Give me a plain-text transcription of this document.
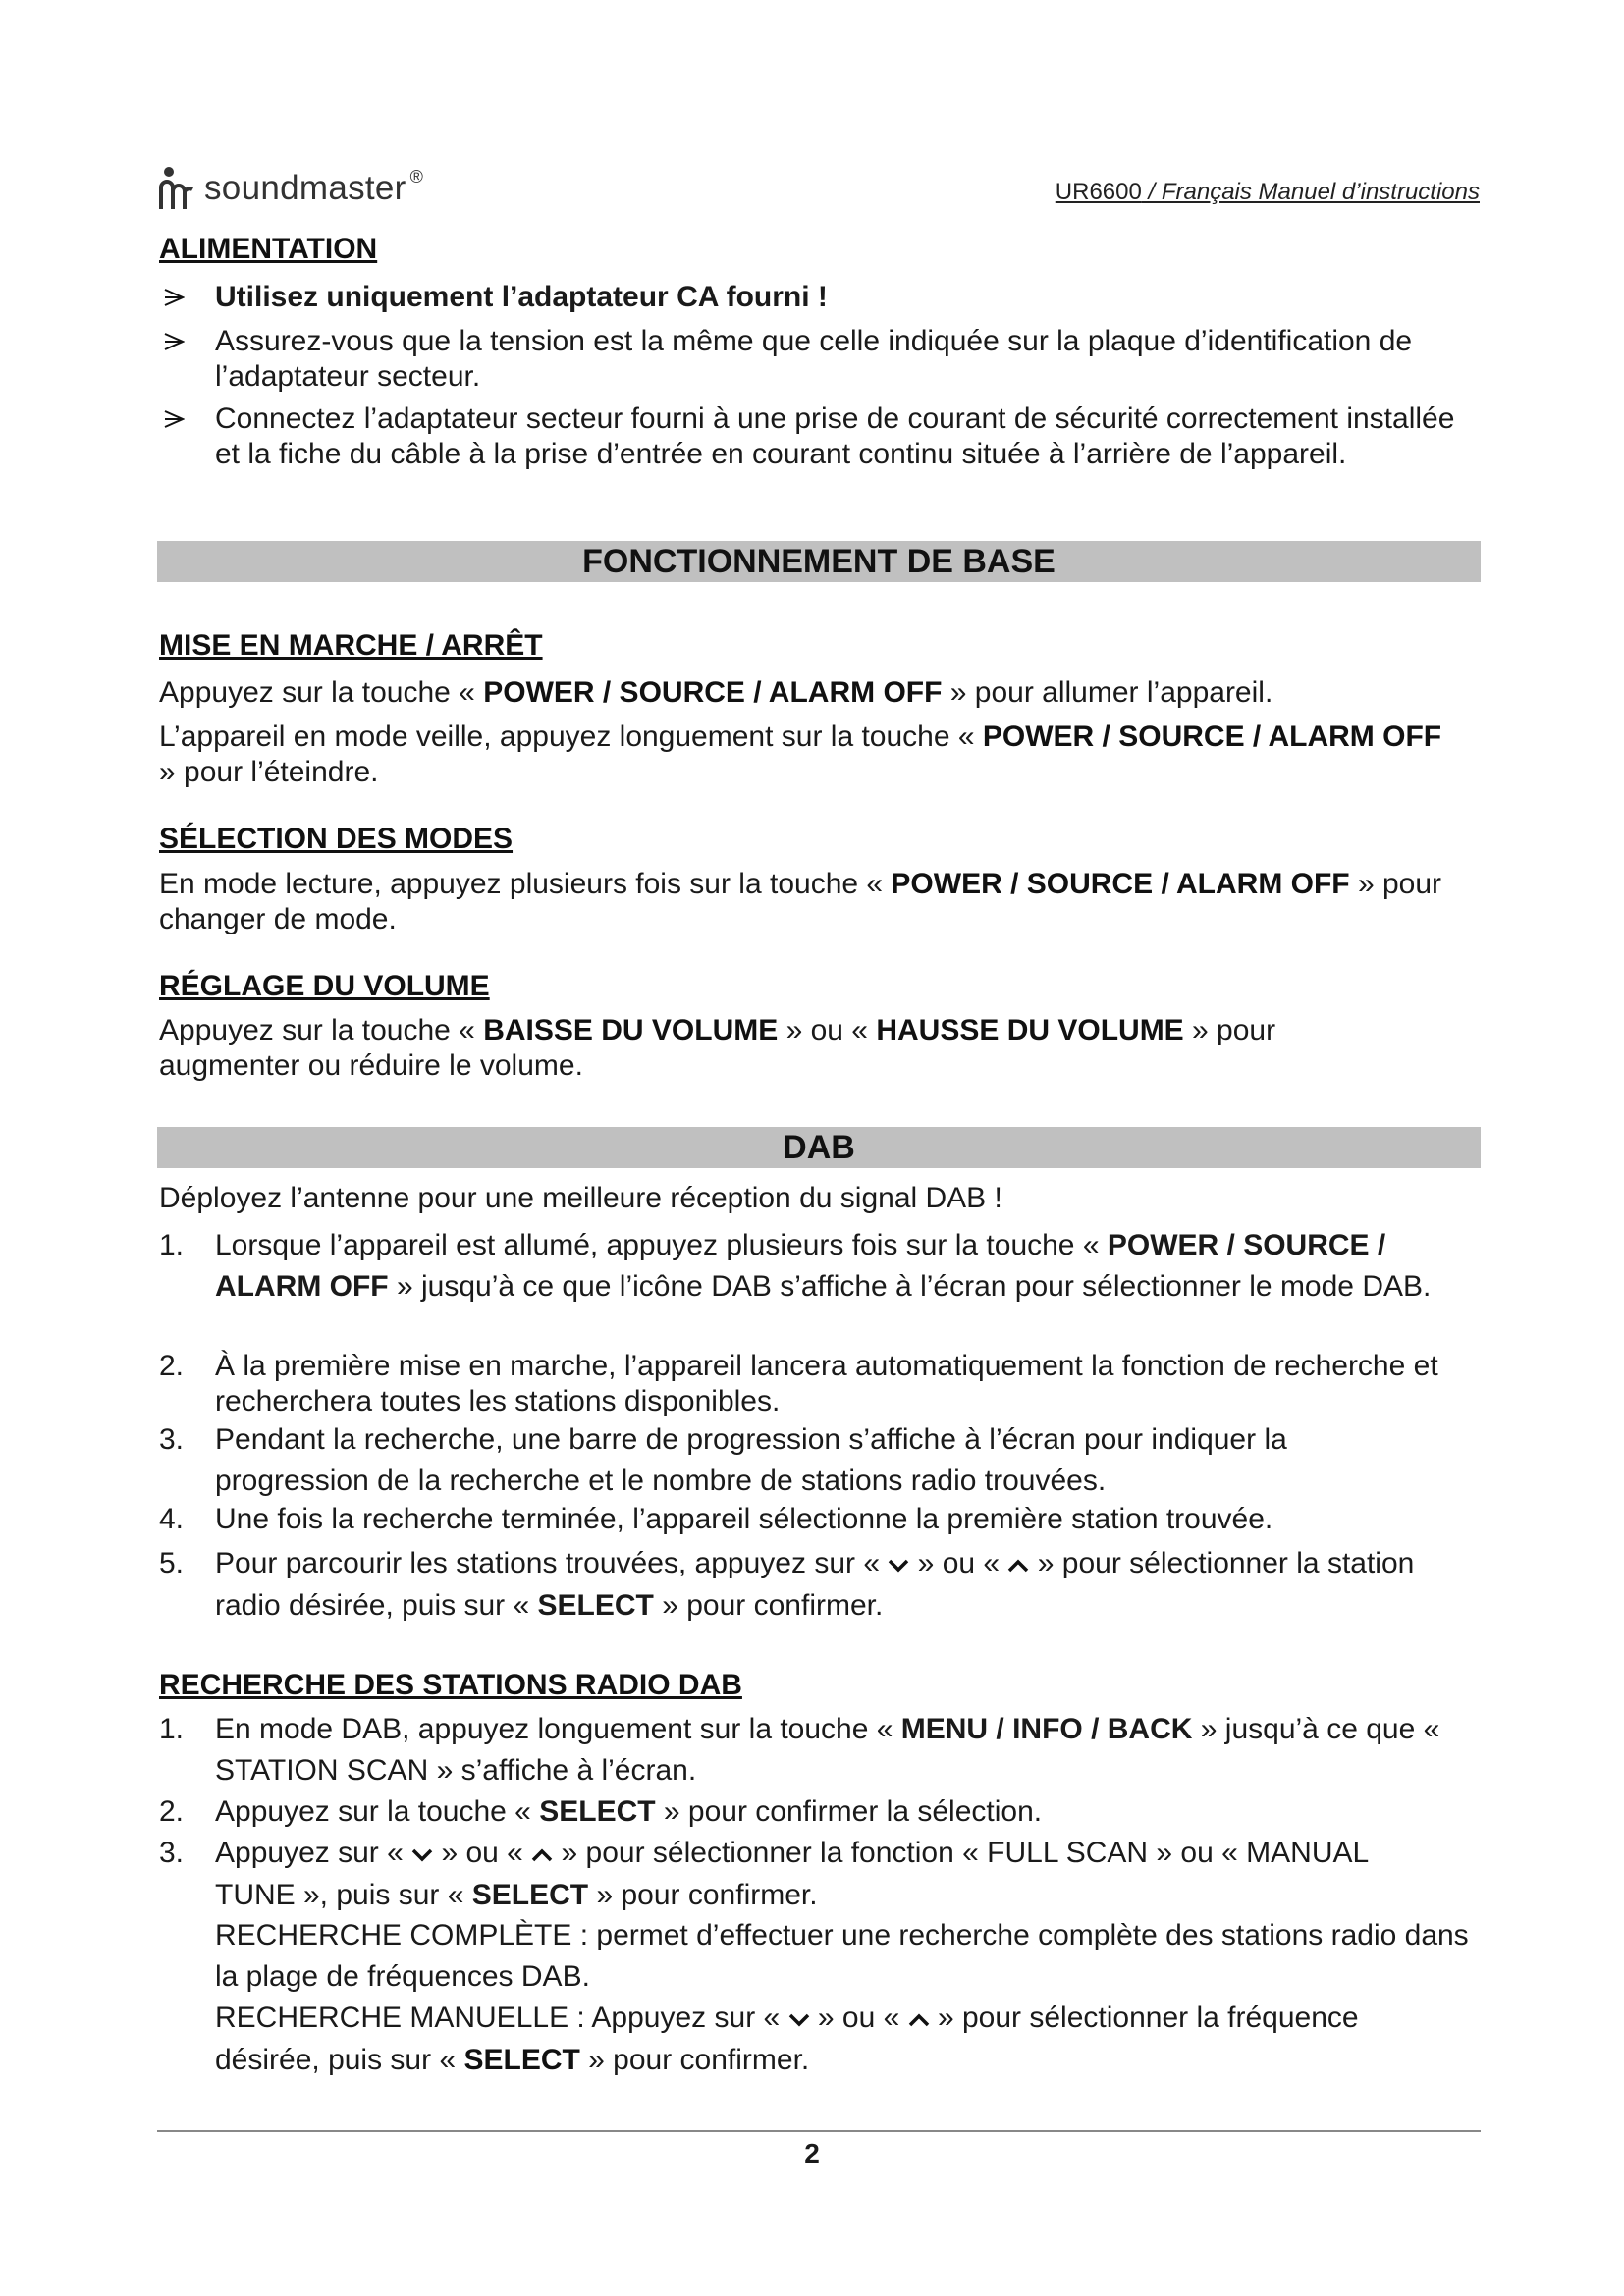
soundmaster ®
UR6600 / Français Manuel d’instructions
ALIMENTATION
Utilisez uniquement l’adaptateur CA fourni !
Assurez-vous que la tension est la même que celle indiquée sur la plaque d’identification de l’adaptateur secteur.
Connectez l’adaptateur secteur fourni à une prise de courant de sécurité correctement installée et la fiche du câble à la prise d’entrée en courant continu située à l’arrière de l’appareil.
FONCTIONNEMENT DE BASE
MISE EN MARCHE / ARRÊT
Appuyez sur la touche « POWER / SOURCE / ALARM OFF » pour allumer l’appareil.
L’appareil en mode veille, appuyez longuement sur la touche « POWER / SOURCE / ALARM OFF » pour l’éteindre.
SÉLECTION DES MODES
En mode lecture, appuyez plusieurs fois sur la touche « POWER / SOURCE / ALARM OFF » pour changer de mode.
RÉGLAGE DU VOLUME
Appuyez sur la touche « BAISSE DU VOLUME » ou « HAUSSE DU VOLUME » pour augmenter ou réduire le volume.
DAB
Déployez l’antenne pour une meilleure réception du signal DAB !
1. Lorsque l’appareil est allumé, appuyez plusieurs fois sur la touche « POWER / SOURCE / ALARM OFF » jusqu’à ce que l’icône DAB s’affiche à l’écran pour sélectionner le mode DAB.
2. À la première mise en marche, l’appareil lancera automatiquement la fonction de recherche et recherchera toutes les stations disponibles.
3. Pendant la recherche, une barre de progression s’affiche à l’écran pour indiquer la progression de la recherche et le nombre de stations radio trouvées.
4. Une fois la recherche terminée, l’appareil sélectionne la première station trouvée.
5. Pour parcourir les stations trouvées, appuyez sur «  » ou «  » pour sélectionner la station radio désirée, puis sur « SELECT » pour confirmer.
RECHERCHE DES STATIONS RADIO DAB
1. En mode DAB, appuyez longuement sur la touche « MENU / INFO / BACK » jusqu’à ce que « STATION SCAN » s’affiche à l’écran.
2. Appuyez sur la touche « SELECT » pour confirmer la sélection.
3. Appuyez sur «  » ou «  » pour sélectionner la fonction « FULL SCAN » ou « MANUAL TUNE », puis sur « SELECT » pour confirmer.
RECHERCHE COMPLÈTE : permet d’effectuer une recherche complète des stations radio dans la plage de fréquences DAB.
RECHERCHE MANUELLE : Appuyez sur «  » ou «  » pour sélectionner la fréquence désirée, puis sur « SELECT » pour confirmer.
2
